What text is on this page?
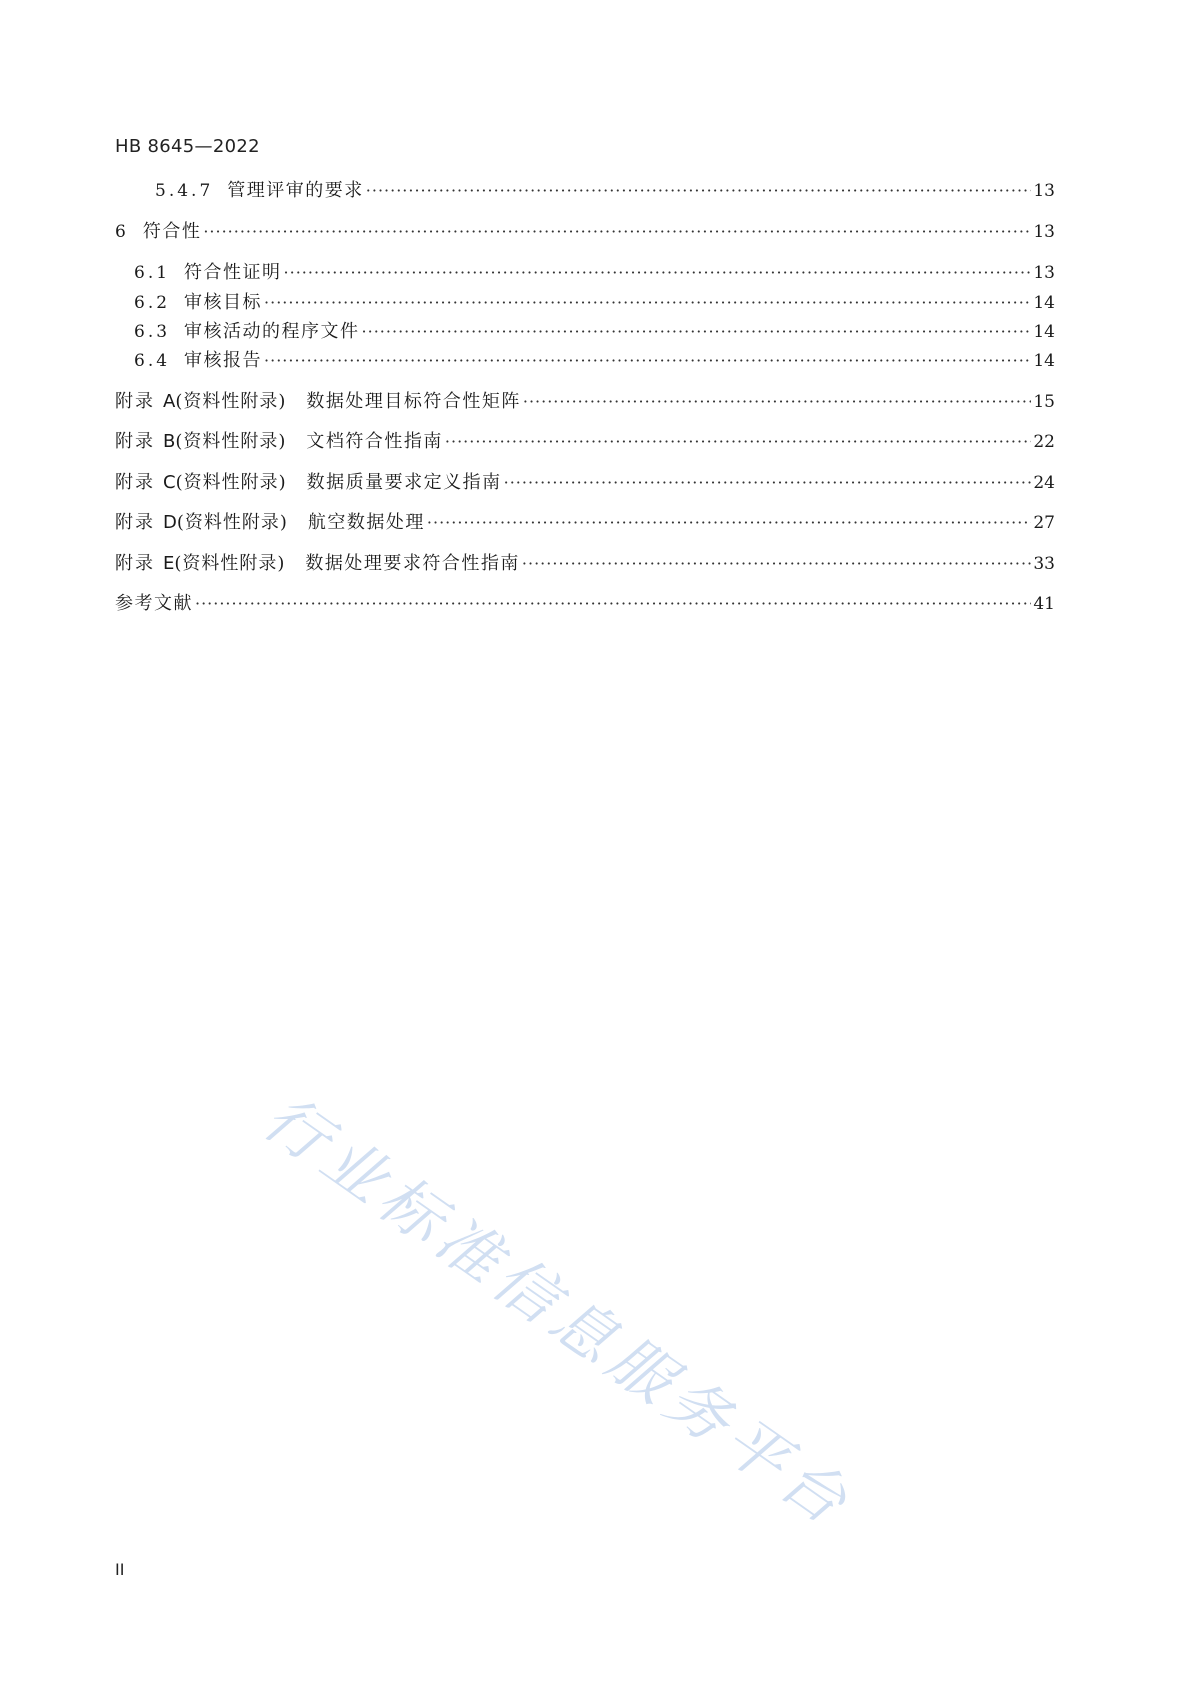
HB 8645—2022
5.4.7 管理评审的要求 ·····	13
6 符合性 ·····	13
6.1 符合性证明 ·····	13
6.2 审核目标 ·····	14
6.3 审核活动的程序文件 ·····	14
6.4 审核报告 ·····	14
附录 A (资料性附录) 数据处理目标符合性矩阵 ·····	15
附录 B (资料性附录) 文档符合性指南 ·····	22
附录 C (资料性附录) 数据质量要求定义指南 ·····	24
附录 D (资料性附录) 航空数据处理 ·····	27
附录 E (资料性附录) 数据处理要求符合性指南 ·····	33
参考文献 ·····	41
行业标准信息服务平台
II
